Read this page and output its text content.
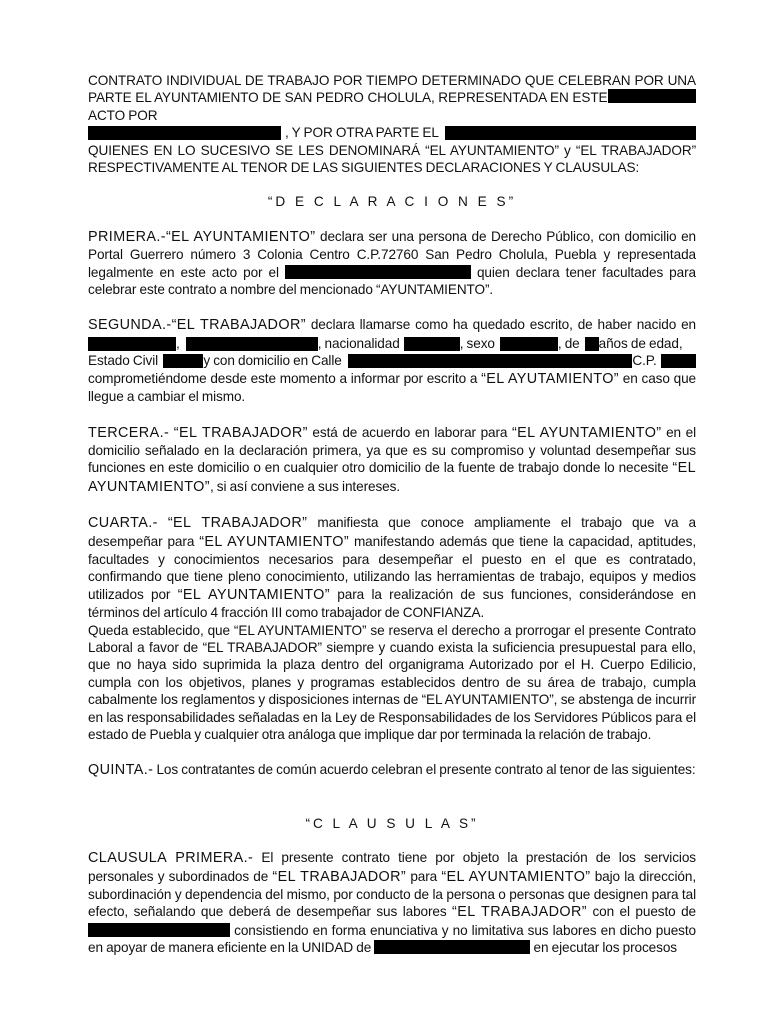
CONTRATO INDIVIDUAL DE TRABAJO POR TIEMPO DETERMINADO QUE CELEBRAN POR UNA

PARTE EL AYUNTAMIENTO DE SAN PEDRO CHOLULA, REPRESENTADA EN ESTE ACTO POR

, Y POR OTRA PARTE EL

QUIENES EN LO SUCESIVO SE LES DENOMINARÁ “EL AYUNTAMIENTO” y “EL TRABAJADOR”

RESPECTIVAMENTE AL TENOR DE LAS SIGUIENTES DECLARACIONES Y CLAUSULAS:

“D E C L A R A C I O N E S”

PRIMERA.-“EL AYUNTAMIENTO” declara ser una persona de Derecho Público, con domicilio en Portal Guerrero número 3 Colonia Centro C.P.72760 San Pedro Cholula, Puebla y representada legalmente en este acto por el	quien declara tener facultades para celebrar este contrato a nombre del mencionado “AYUNTAMIENTO”.

SEGUNDA.-“EL TRABAJADOR” declara llamarse como ha quedado escrito, de haber nacido en

,	, nacionalidad	, sexo	, de años de edad,

Estado Civil	y con domicilio en Calle	C.P.

comprometiéndome desde este momento a informar por escrito a “EL AYUTAMIENTO” en caso que llegue a cambiar el mismo.

TERCERA.- “EL TRABAJADOR” está de acuerdo en laborar para “EL AYUNTAMIENTO” en el domicilio señalado en la declaración primera, ya que es su compromiso y voluntad desempeñar sus funciones en este domicilio o en cualquier otro domicilio de la fuente de trabajo donde lo necesite “EL AYUNTAMIENTO”, si así conviene a sus intereses.

CUARTA.- “EL TRABAJADOR” manifiesta que conoce ampliamente el trabajo que va a desempeñar para “EL AYUNTAMIENTO” manifestando además que tiene la capacidad, aptitudes, facultades y conocimientos necesarios para desempeñar el puesto en el que es contratado, confirmando que tiene pleno conocimiento, utilizando las herramientas de trabajo, equipos y medios utilizados por “EL AYUNTAMIENTO” para la realización de sus funciones, considerándose en términos del artículo 4 fracción III como trabajador de CONFIANZA.

Queda establecido, que “EL AYUNTAMIENTO” se reserva el derecho a prorrogar el presente Contrato Laboral a favor de “EL TRABAJADOR” siempre y cuando exista la suficiencia presupuestal para ello, que no haya sido suprimida la plaza dentro del organigrama Autorizado por el H. Cuerpo Edilicio, cumpla con los objetivos, planes y programas establecidos dentro de su área de trabajo, cumpla cabalmente los reglamentos y disposiciones internas de “EL AYUNTAMIENTO”, se abstenga de incurrir en las responsabilidades señaladas en la Ley de Responsabilidades de los Servidores Públicos para el estado de Puebla y cualquier otra análoga que implique dar por terminada la relación de trabajo.

QUINTA.- Los contratantes de común acuerdo celebran el presente contrato al tenor de las siguientes:

“C L A U S U L A S”

CLAUSULA PRIMERA.- El presente contrato tiene por objeto la prestación de los servicios personales y subordinados de “EL TRABAJADOR” para “EL AYUNTAMIENTO” bajo la dirección, subordinación y dependencia del mismo, por conducto de la persona o personas que designen para tal efecto, señalando que deberá de desempeñar sus labores “EL TRABAJADOR” con el puesto de  consistiendo en forma enunciativa y no limitativa sus labores en dicho puesto en apoyar de manera eficiente en la UNIDAD de	en ejecutar los procesos
